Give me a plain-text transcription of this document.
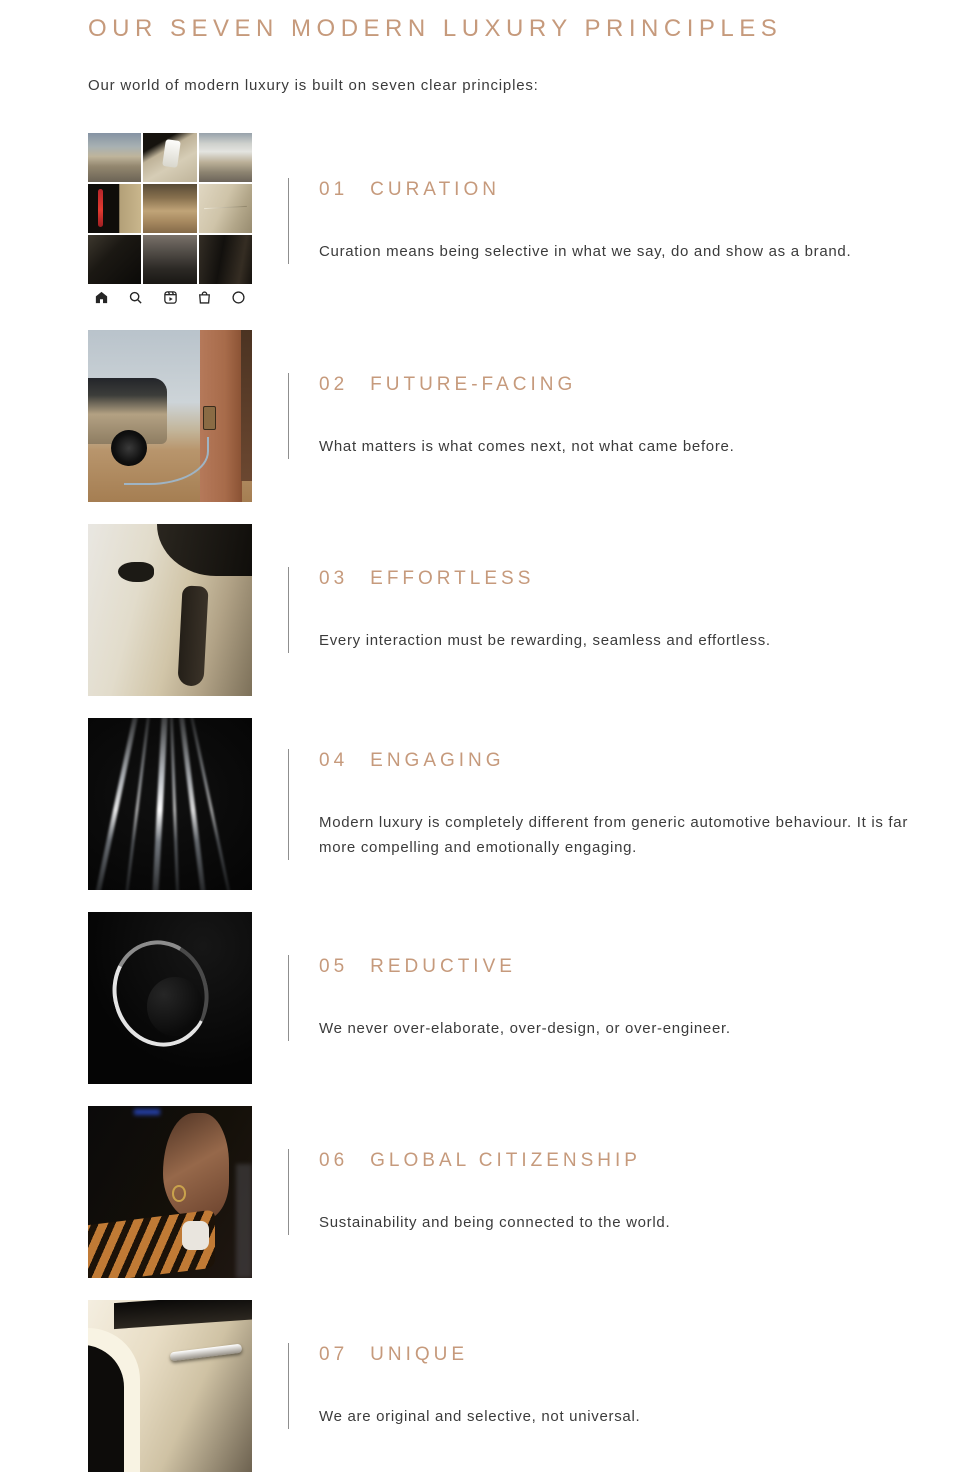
OUR SEVEN MODERN LUXURY PRINCIPLES

Our world of modern luxury is built on seven clear principles:

01 CURATION

Curation means being selective in what we say, do and show as a brand.

02 FUTURE-FACING

What matters is what comes next, not what came before.

03 EFFORTLESS

Every interaction must be rewarding, seamless and effortless.

04 ENGAGING

Modern luxury is completely different from generic automotive behaviour. It is far more compelling and emotionally engaging.

05 REDUCTIVE

We never over-elaborate, over-design, or over-engineer.

06 GLOBAL CITIZENSHIP

Sustainability and being connected to the world.

07 UNIQUE

We are original and selective, not universal.
